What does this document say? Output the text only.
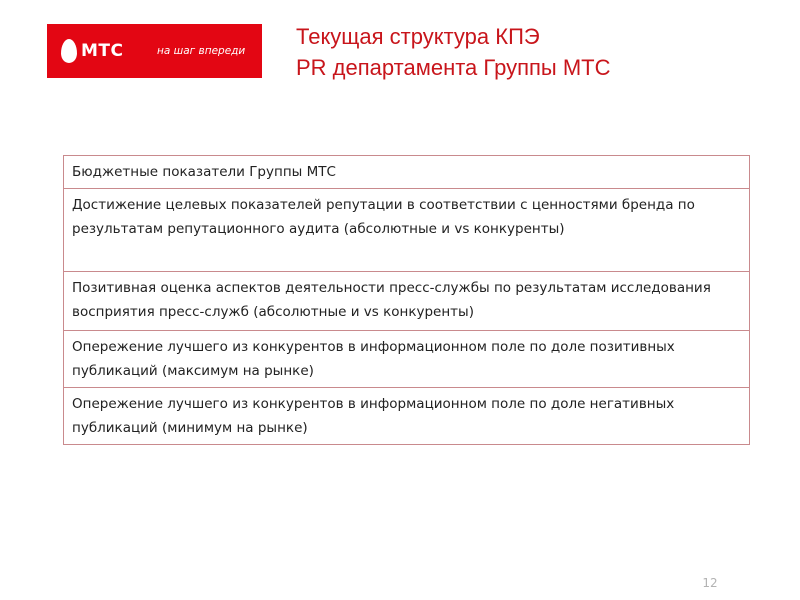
МТС	на шаг впереди
Текущая структура КПЭ
PR департамента Группы МТС
Бюджетные показатели Группы МТС
Достижение целевых показателей репутации в соответствии с ценностями бренда по результатам репутационного аудита (абсолютные и vs конкуренты)
Позитивная оценка аспектов деятельности пресс-службы по результатам исследования восприятия пресс-служб (абсолютные и vs конкуренты)
Опережение лучшего из конкурентов в информационном поле по доле позитивных публикаций (максимум на рынке)
Опережение лучшего из конкурентов в информационном поле по доле негативных публикаций (минимум на рынке)
12
